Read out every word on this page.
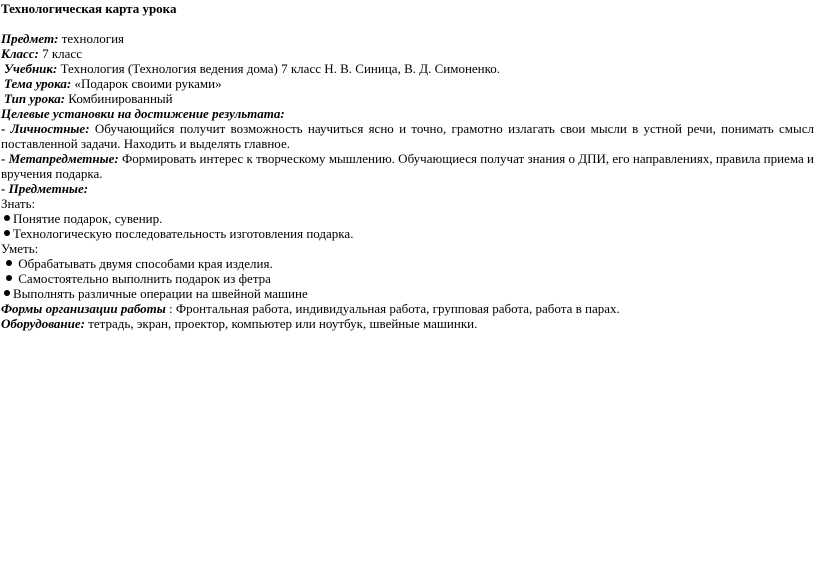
Технологическая карта урока
Предмет: технология
Класс: 7 класс
Учебник: Технология (Технология ведения дома) 7 класс Н. В. Синица, В. Д. Симоненко.
Тема урока: «Подарок своими руками»
Тип урока: Комбинированный
Целевые установки на достижение результата:
- Личностные: Обучающийся получит возможность научиться ясно и точно, грамотно излагать свои мысли в устной речи, понимать смысл
поставленной задачи. Находить и выделять главное.
- Метапредметные: Формировать интерес к творческому мышлению. Обучающиеся получат знания о ДПИ, его направлениях, правила приема и
вручения подарка.
- Предметные:
Знать:
Понятие подарок, сувенир.
Технологическую последовательность изготовления подарка.
Уметь:
Обрабатывать двумя способами края изделия.
Самостоятельно выполнить подарок из фетра
Выполнять различные операции на швейной машине
Формы организации работы : Фронтальная работа, индивидуальная работа, групповая работа, работа в парах.
Оборудование: тетрадь, экран, проектор, компьютер или ноутбук, швейные машинки.
